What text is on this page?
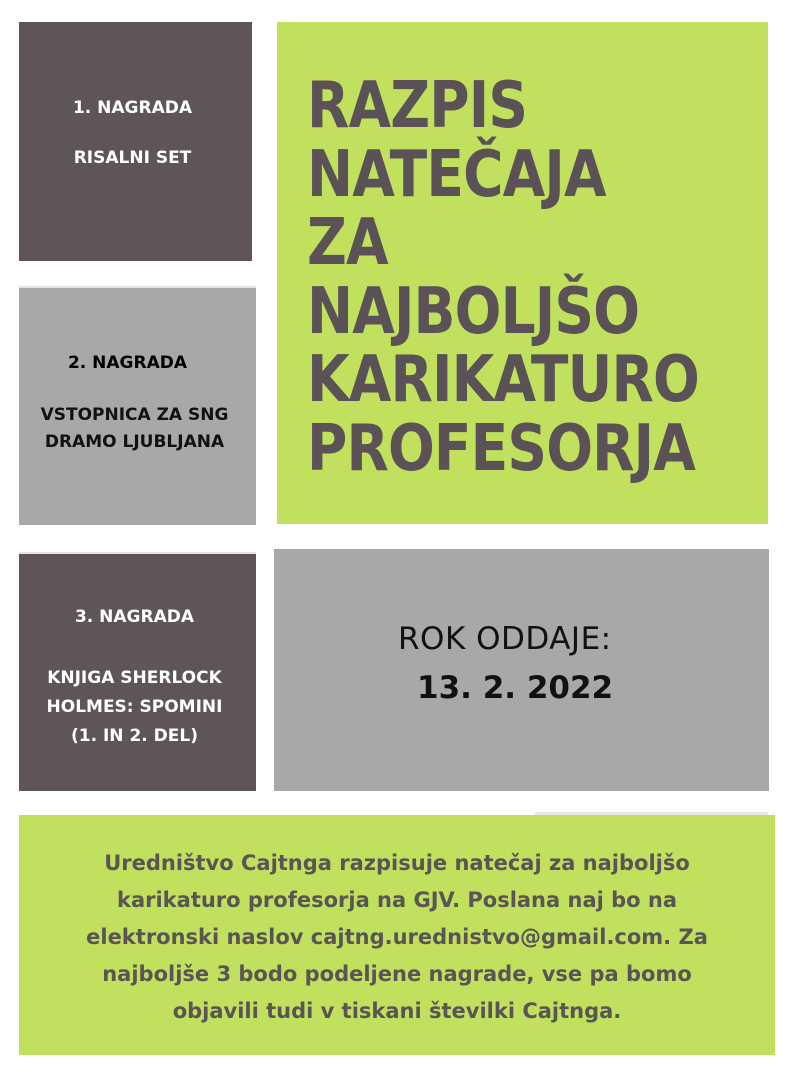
1. NAGRADA
RISALNI SET
2. NAGRADA
VSTOPNICA ZA SNG
DRAMO LJUBLJANA
3. NAGRADA
KNJIGA SHERLOCK
HOLMES: SPOMINI
(1. IN 2. DEL)
RAZPIS
NATEČAJA
ZA
NAJBOLJŠO
KARIKATURO
PROFESORJA
ROK ODDAJE:
13. 2. 2022

Uredništvo Cajtnga razpisuje natečaj za najboljšo
karikaturo profesorja na GJV. Poslana naj bo na
elektronski naslov cajtng.urednistvo@gmail.com. Za
najboljše 3 bodo podeljene nagrade, vse pa bomo
objavili tudi v tiskani številki Cajtnga.
